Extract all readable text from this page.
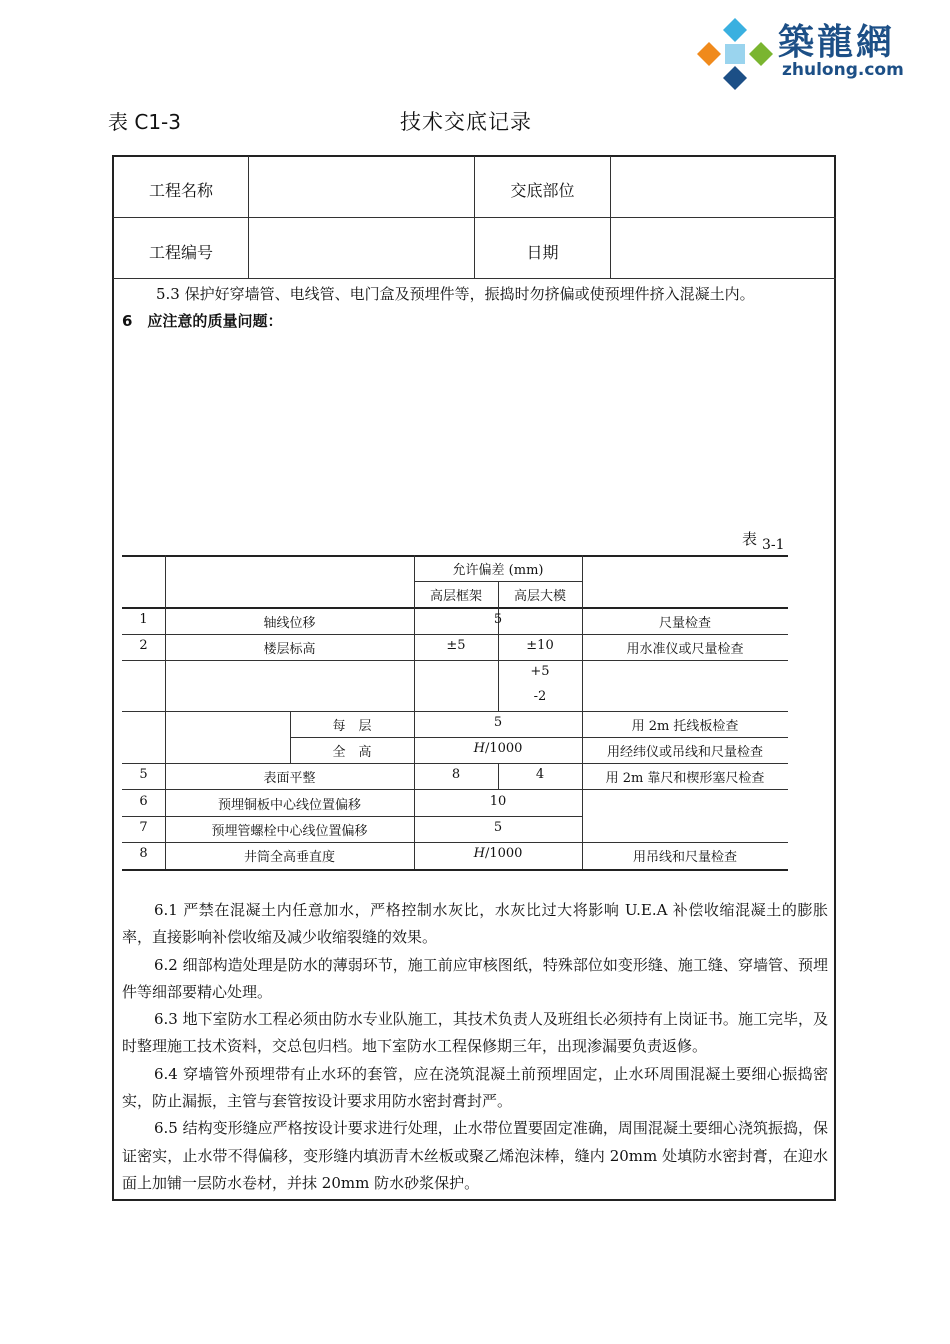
築龍網
zhulong.com
表 C1-3	技术交底记录
工程名称	交底部位
工程编号	日期
5.3 保护好穿墙管、电线管、电门盒及预埋件等，振捣时勿挤偏或使预埋件挤入混凝土内。
6　应注意的质量问题：
表 3-1
允许偏差 (mm)
高层框架	高层大模
1	轴线位移	5	尺量检查
2	楼层标高	±5	±10	用水准仪或尺量检查
+5
-2
每　层	5	用 2m 托线板检查
全　高	H/1000	用经纬仪或吊线和尺量检查
5	表面平整	8	4	用 2m 靠尺和楔形塞尺检查
6	预埋铜板中心线位置偏移	10
7	预埋管螺栓中心线位置偏移	5
8	井筒全高垂直度	H/1000	用吊线和尺量检查

6.1 严禁在混凝土内任意加水，严格控制水灰比，水灰比过大将影响 U.E.A 补偿收缩混凝土的膨胀率，直接影响补偿收缩及减少收缩裂缝的效果。

6.2 细部构造处理是防水的薄弱环节，施工前应审核图纸，特殊部位如变形缝、施工缝、穿墙管、预埋件等细部要精心处理。

6.3 地下室防水工程必须由防水专业队施工，其技术负责人及班组长必须持有上岗证书。施工完毕，及时整理施工技术资料，交总包归档。地下室防水工程保修期三年，出现渗漏要负责返修。

6.4 穿墙管外预埋带有止水环的套管，应在浇筑混凝土前预埋固定，止水环周围混凝土要细心振捣密实，防止漏振，主管与套管按设计要求用防水密封膏封严。

6.5 结构变形缝应严格按设计要求进行处理，止水带位置要固定准确，周围混凝土要细心浇筑振捣，保证密实，止水带不得偏移，变形缝内填沥青木丝板或聚乙烯泡沫棒，缝内 20mm 处填防水密封膏，在迎水面上加铺一层防水卷材，并抹 20mm 防水砂浆保护。
